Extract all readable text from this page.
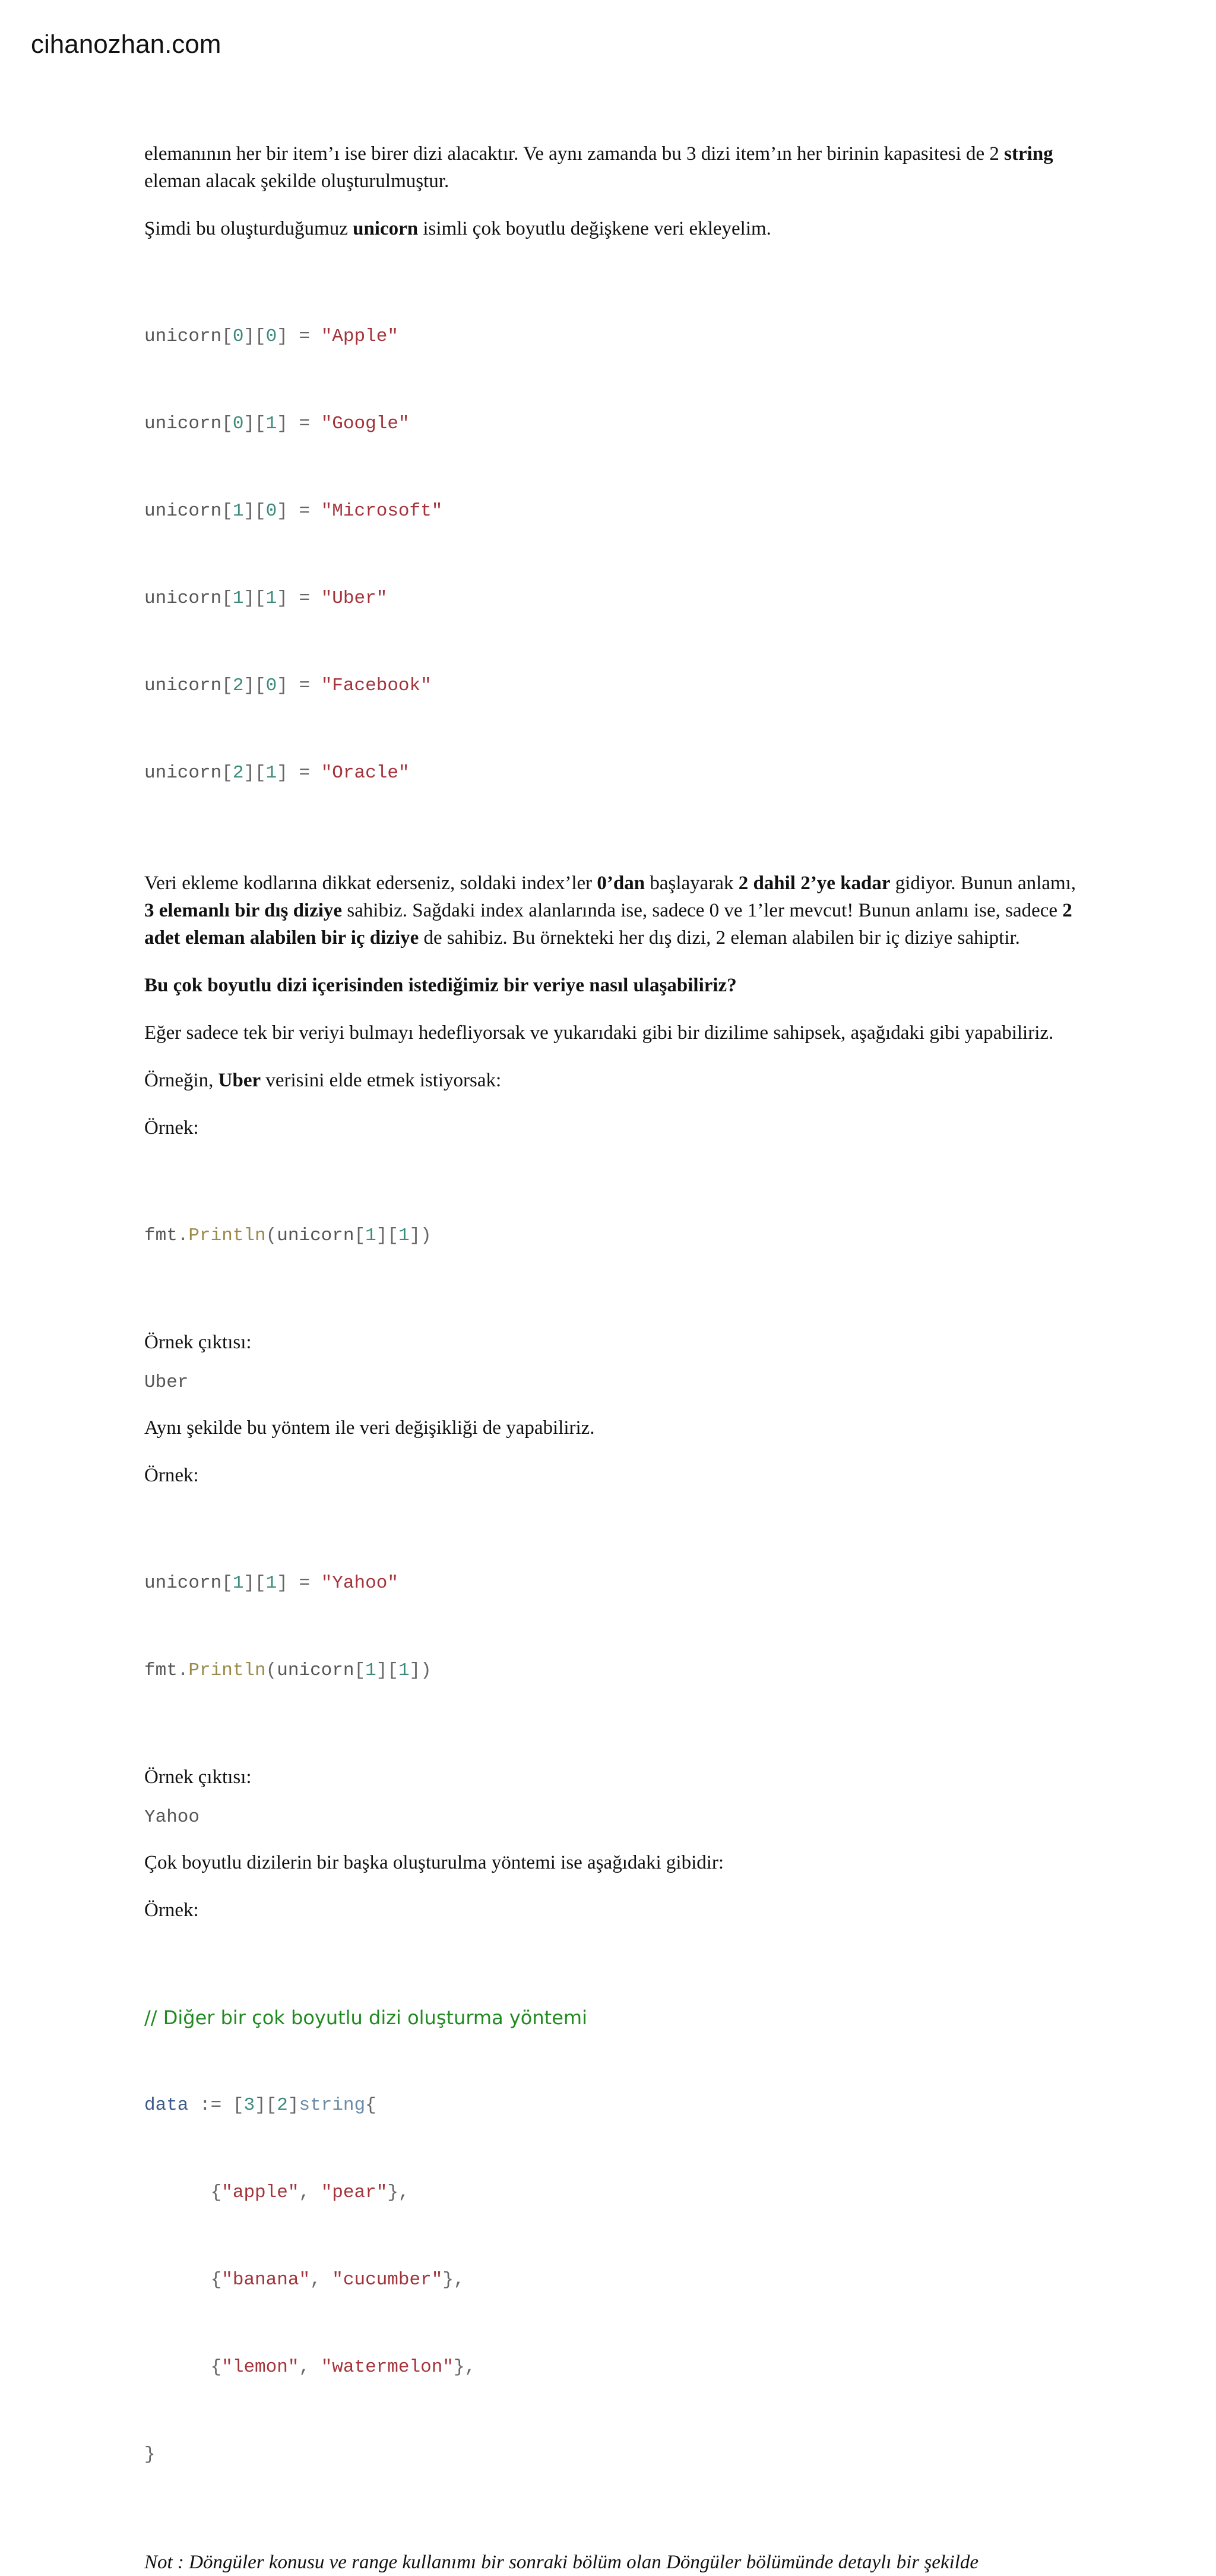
cihanozhan.com

elemanının her bir item’ı ise birer dizi alacaktır. Ve aynı zamanda bu 3 dizi item’ın her birinin kapasitesi de 2 string eleman alacak şekilde oluşturulmuştur.

Şimdi bu oluşturduğumuz unicorn isimli çok boyutlu değişkene veri ekleyelim.

unicorn[0][0] = "Apple"

unicorn[0][1] = "Google"

unicorn[1][0] = "Microsoft"

unicorn[1][1] = "Uber"

unicorn[2][0] = "Facebook"

unicorn[2][1] = "Oracle"

Veri ekleme kodlarına dikkat ederseniz, soldaki index’ler 0’dan başlayarak 2 dahil 2’ye kadar gidiyor. Bunun anlamı, 3 elemanlı bir dış diziye sahibiz. Sağdaki index alanlarında ise, sadece 0 ve 1’ler mevcut! Bunun anlamı ise, sadece 2 adet eleman alabilen bir iç diziye de sahibiz. Bu örnekteki her dış dizi, 2 eleman alabilen bir iç diziye sahiptir.

Bu çok boyutlu dizi içerisinden istediğimiz bir veriye nasıl ulaşabiliriz?

Eğer sadece tek bir veriyi bulmayı hedefliyorsak ve yukarıdaki gibi bir dizilime sahipsek, aşağıdaki gibi yapabiliriz.

Örneğin, Uber verisini elde etmek istiyorsak:

Örnek:

fmt.Println(unicorn[1][1])

Örnek çıktısı:

Uber

Aynı şekilde bu yöntem ile veri değişikliği de yapabiliriz.

Örnek:

unicorn[1][1] = "Yahoo"

fmt.Println(unicorn[1][1])

Örnek çıktısı:

Yahoo

Çok boyutlu dizilerin bir başka oluşturulma yöntemi ise aşağıdaki gibidir:

Örnek:

// Diğer bir çok boyutlu dizi oluşturma yöntemi

data := [3][2]string{

{"apple", "pear"},

{"banana", "cucumber"},

{"lemon", "watermelon"},

}

Not : Döngüler konusu ve range kullanımı bir sonraki bölüm olan Döngüler bölümünde detaylı bir şekilde
